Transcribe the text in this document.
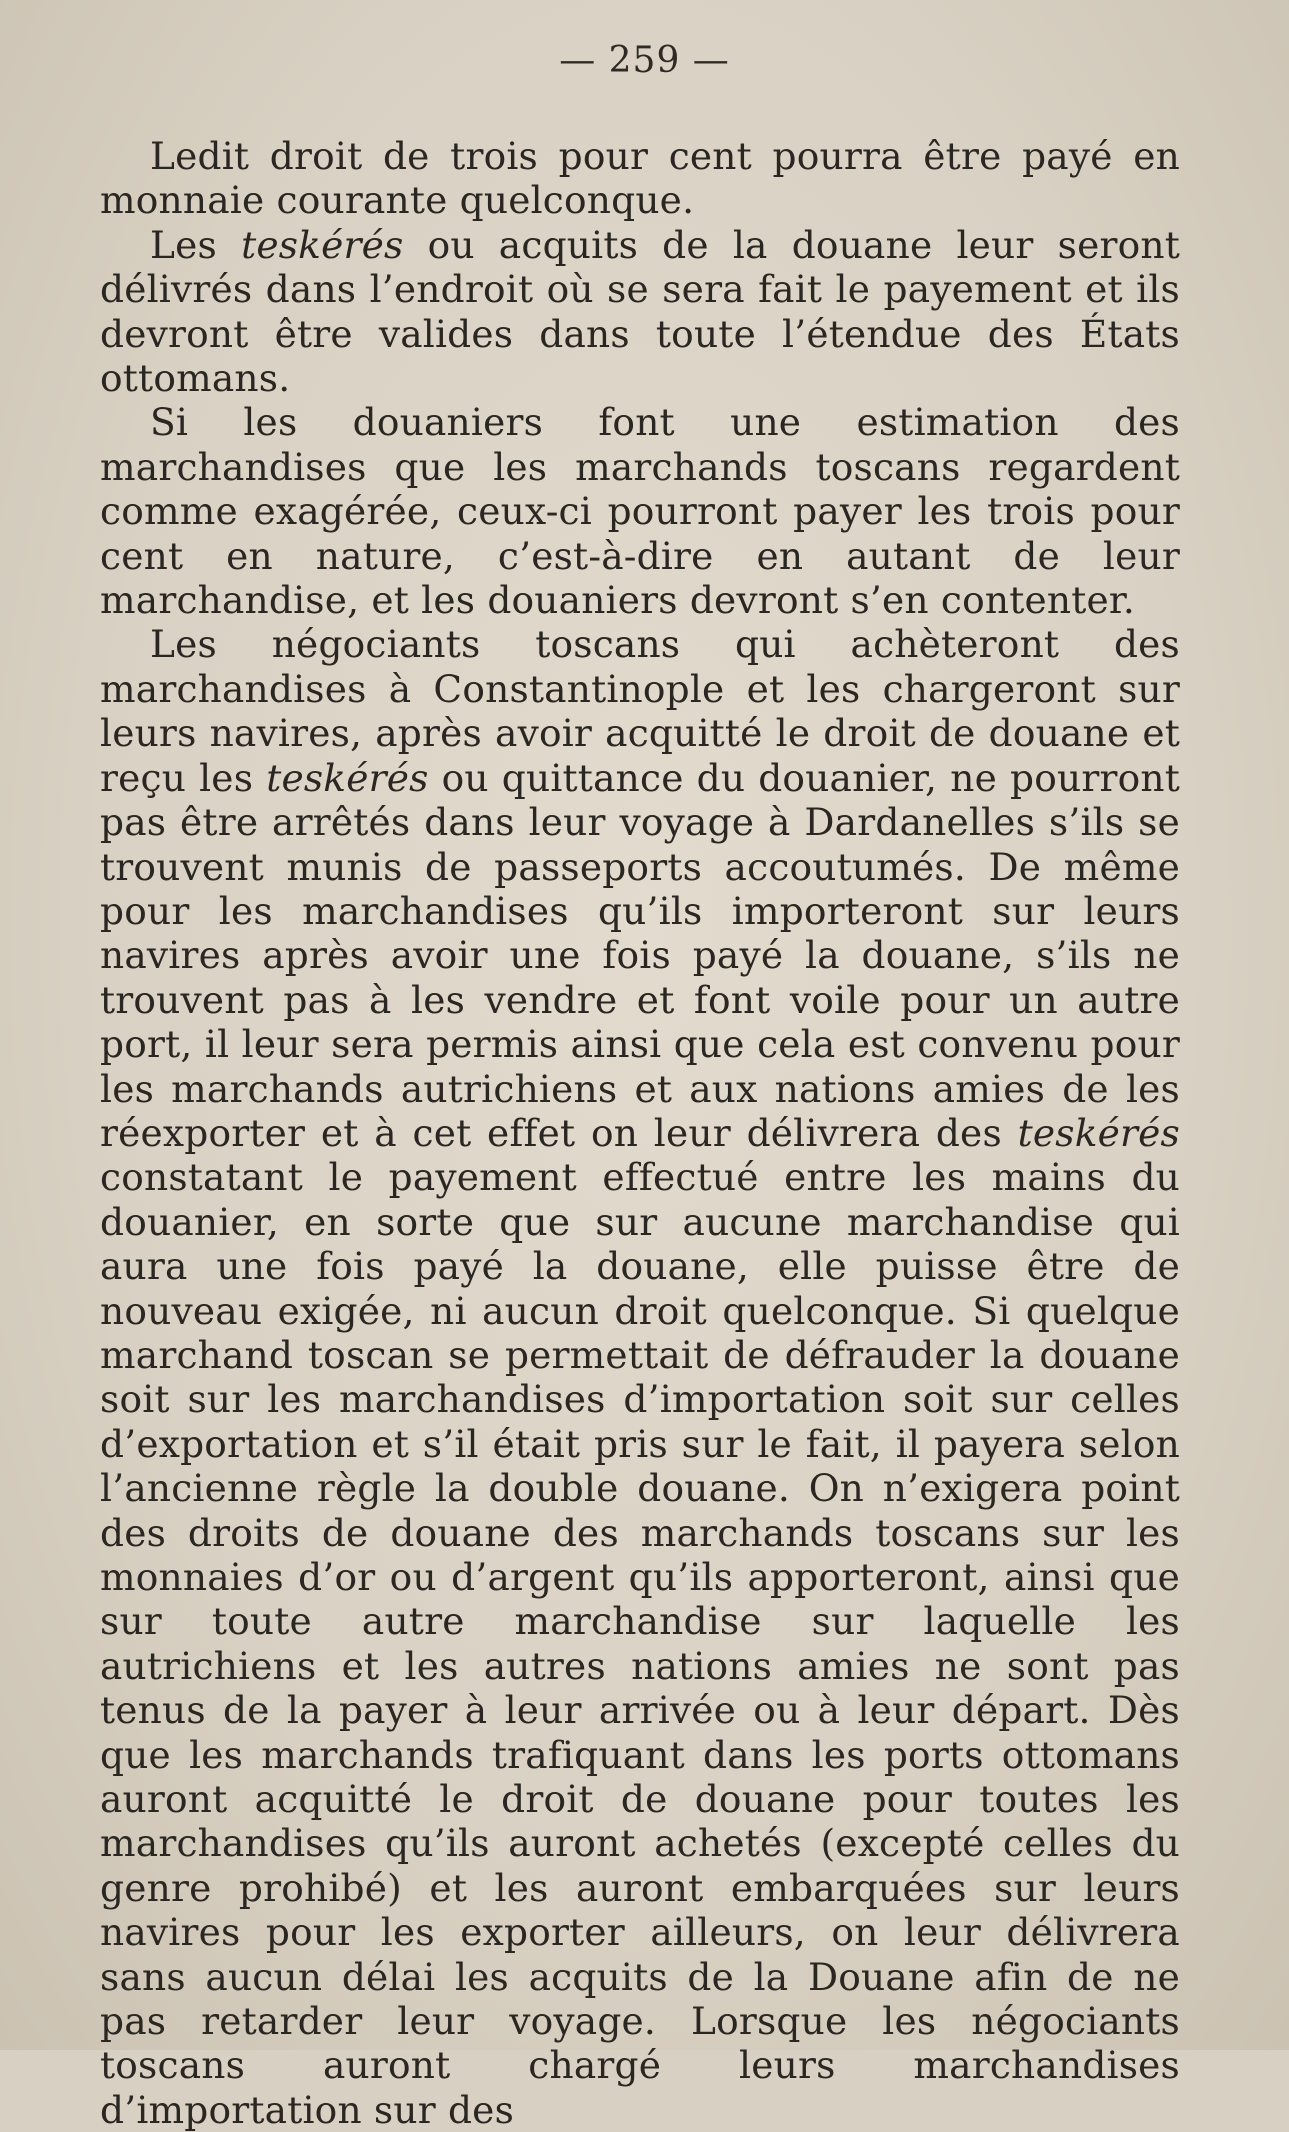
— 259 —

Ledit droit de trois pour cent pourra être payé en monnaie courante quelconque.

Les teskérés ou acquits de la douane leur seront délivrés dans l’endroit où se sera fait le payement et ils devront être valides dans toute l’étendue des États ottomans.

Si les douaniers font une estimation des marchandises que les marchands toscans regardent comme exagérée, ceux-ci pourront payer les trois pour cent en nature, c’est-à-dire en autant de leur marchandise, et les douaniers devront s’en contenter.

Les négociants toscans qui achèteront des marchandises à Constantinople et les chargeront sur leurs navires, après avoir acquitté le droit de douane et reçu les teskérés ou quittance du douanier, ne pourront pas être arrêtés dans leur voyage à Dardanelles s’ils se trouvent munis de passeports accoutumés. De même pour les marchandises qu’ils importeront sur leurs navires après avoir une fois payé la douane, s’ils ne trouvent pas à les vendre et font voile pour un autre port, il leur sera permis ainsi que cela est convenu pour les marchands autrichiens et aux nations amies de les réexporter et à cet effet on leur délivrera des teskérés constatant le payement effectué entre les mains du douanier, en sorte que sur aucune marchandise qui aura une fois payé la douane, elle puisse être de nouveau exigée, ni aucun droit quelconque. Si quelque marchand toscan se permettait de défrauder la douane soit sur les marchandises d’importation soit sur celles d’exportation et s’il était pris sur le fait, il payera selon l’ancienne règle la double douane. On n’exigera point des droits de douane des marchands toscans sur les monnaies d’or ou d’argent qu’ils apporteront, ainsi que sur toute autre marchandise sur laquelle les autrichiens et les autres nations amies ne sont pas tenus de la payer à leur arrivée ou à leur départ. Dès que les marchands trafiquant dans les ports ottomans auront acquitté le droit de douane pour toutes les marchandises qu’ils auront achetés (excepté celles du genre prohibé) et les auront embarquées sur leurs navires pour les exporter ailleurs, on leur délivrera sans aucun délai les acquits de la Douane afin de ne pas retarder leur voyage. Lorsque les négociants toscans auront chargé leurs marchandises d’importation sur des
